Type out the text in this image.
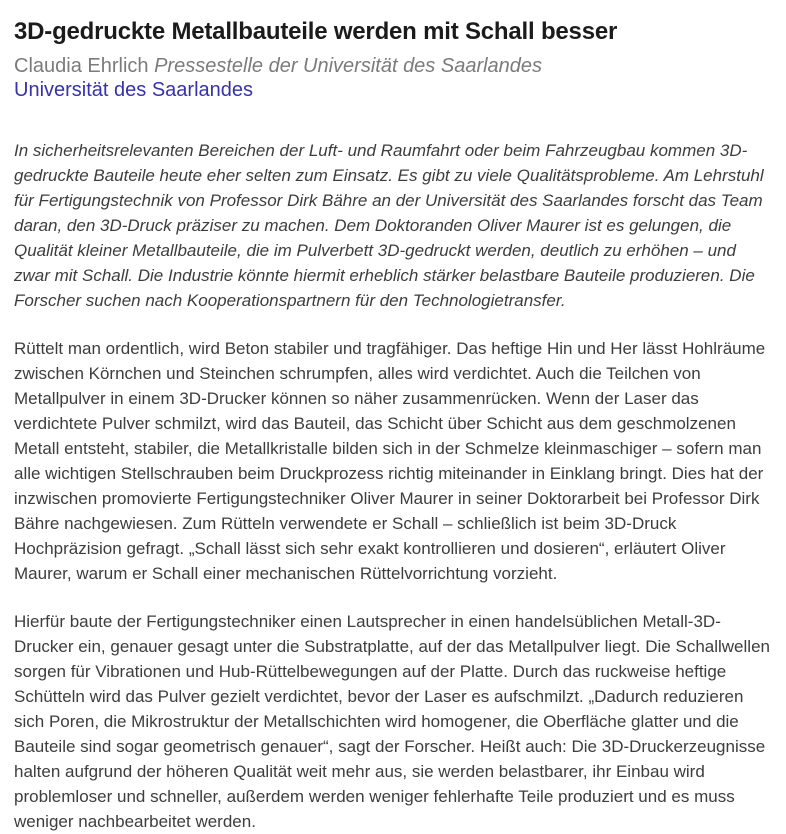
3D-gedruckte Metallbauteile werden mit Schall besser

Claudia Ehrlich Pressestelle der Universität des Saarlandes

Universität des Saarlandes

In sicherheitsrelevanten Bereichen der Luft- und Raumfahrt oder beim Fahrzeugbau kommen 3D-gedruckte Bauteile heute eher selten zum Einsatz. Es gibt zu viele Qualitätsprobleme. Am Lehrstuhl für Fertigungstechnik von Professor Dirk Bähre an der Universität des Saarlandes forscht das Team daran, den 3D-Druck präziser zu machen. Dem Doktoranden Oliver Maurer ist es gelungen, die Qualität kleiner Metallbauteile, die im Pulverbett 3D-gedruckt werden, deutlich zu erhöhen – und zwar mit Schall. Die Industrie könnte hiermit erheblich stärker belastbare Bauteile produzieren. Die Forscher suchen nach Kooperationspartnern für den Technologietransfer.

Rüttelt man ordentlich, wird Beton stabiler und tragfähiger. Das heftige Hin und Her lässt Hohlräume zwischen Körnchen und Steinchen schrumpfen, alles wird verdichtet. Auch die Teilchen von Metallpulver in einem 3D-Drucker können so näher zusammenrücken. Wenn der Laser das verdichtete Pulver schmilzt, wird das Bauteil, das Schicht über Schicht aus dem geschmolzenen Metall entsteht, stabiler, die Metallkristalle bilden sich in der Schmelze kleinmaschiger – sofern man alle wichtigen Stellschrauben beim Druckprozess richtig miteinander in Einklang bringt. Dies hat der inzwischen promovierte Fertigungstechniker Oliver Maurer in seiner Doktorarbeit bei Professor Dirk Bähre nachgewiesen. Zum Rütteln verwendete er Schall – schließlich ist beim 3D-Druck Hochpräzision gefragt. „Schall lässt sich sehr exakt kontrollieren und dosieren“, erläutert Oliver Maurer, warum er Schall einer mechanischen Rüttelvorrichtung vorzieht.

Hierfür baute der Fertigungstechniker einen Lautsprecher in einen handelsüblichen Metall-3D-Drucker ein, genauer gesagt unter die Substratplatte, auf der das Metallpulver liegt. Die Schallwellen sorgen für Vibrationen und Hub-Rüttelbewegungen auf der Platte. Durch das ruckweise heftige Schütteln wird das Pulver gezielt verdichtet, bevor der Laser es aufschmilzt. „Dadurch reduzieren sich Poren, die Mikrostruktur der Metallschichten wird homogener, die Oberfläche glatter und die Bauteile sind sogar geometrisch genauer“, sagt der Forscher. Heißt auch: Die 3D-Druckerzeugnisse halten aufgrund der höheren Qualität weit mehr aus, sie werden belastbarer, ihr Einbau wird problemloser und schneller, außerdem werden weniger fehlerhafte Teile produziert und es muss weniger nachbearbeitet werden.
